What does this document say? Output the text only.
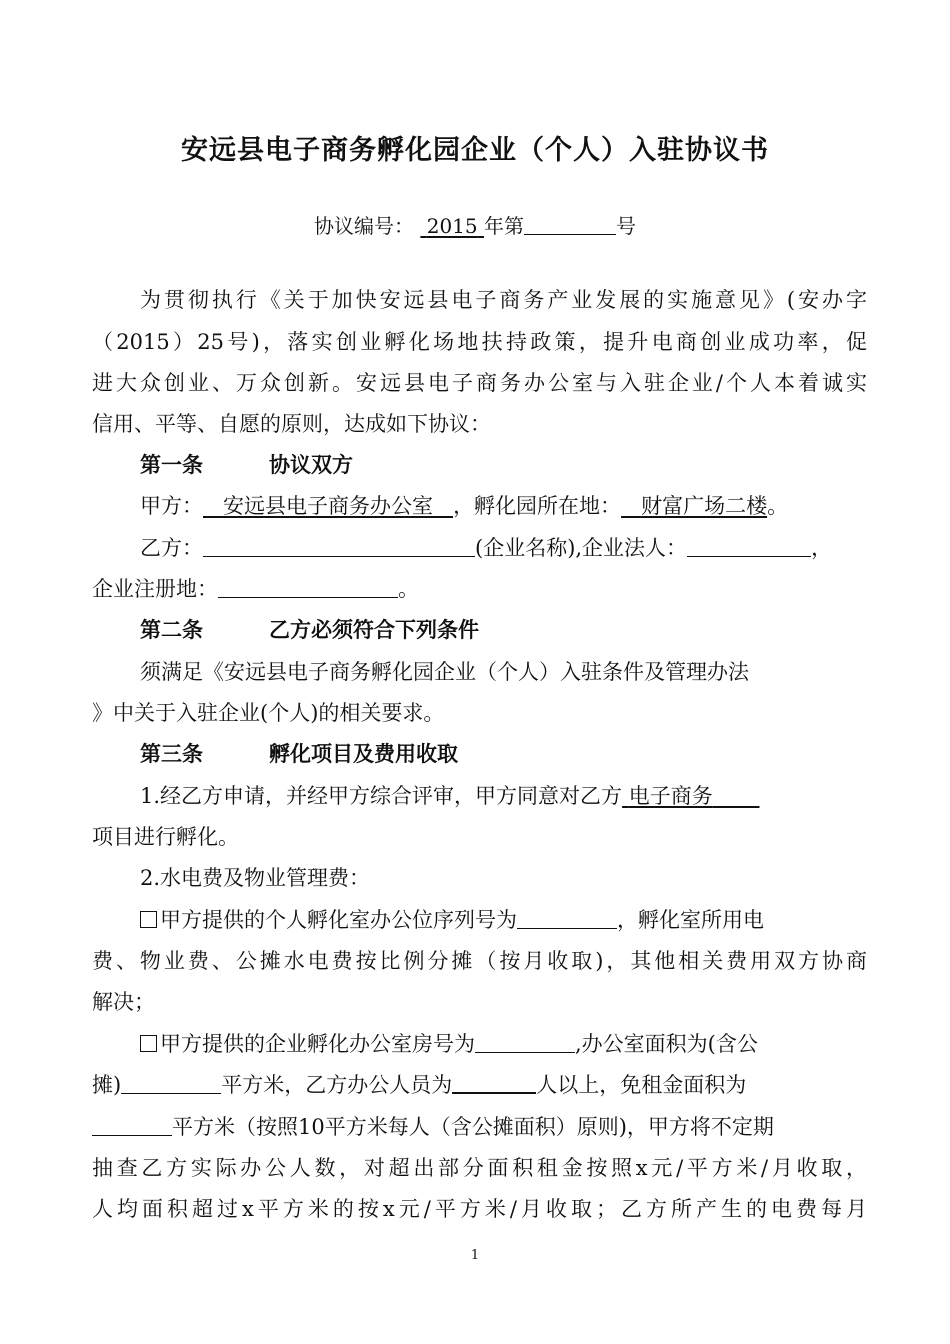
安远县电子商务孵化园企业（个人）入驻协议书
协议编号： 2015 年第	号
为贯彻执行《关于加快安远县电子商务产业发展的实施意见》(安办字
（2015）25号)，落实创业孵化场地扶持政策，提升电商创业成功率，促
进大众创业、万众创新。安远县电子商务办公室与入驻企业/个人本着诚实
信用、平等、自愿的原则，达成如下协议：
第一条	协议双方
甲方： 安远县电子商务办公室 ，孵化园所在地： 财富广场二楼。
乙方：	(企业名称),企业法人：	，
企业注册地：	。
第二条	乙方必须符合下列条件
须满足《安远县电子商务孵化园企业（个人）入驻条件及管理办法
》中关于入驻企业(个人)的相关要求。
第三条	孵化项目及费用收取
1.经乙方申请，并经甲方综合评审，甲方同意对乙方 电子商务
项目进行孵化。
2.水电费及物业管理费：
甲方提供的个人孵化室办公位序列号为	，孵化室所用电
费、物业费、公摊水电费按比例分摊（按月收取)，其他相关费用双方协商
解决；
甲方提供的企业孵化办公室房号为	,办公室面积为(含公
摊)	平方米，乙方办公人员为	人以上，免租金面积为
平方米（按照10平方米每人（含公摊面积）原则)，甲方将不定期
抽查乙方实际办公人数，对超出部分面积租金按照x元/平方米/月收取，
人均面积超过x平方米的按x元/平方米/月收取；乙方所产生的电费每月
1
